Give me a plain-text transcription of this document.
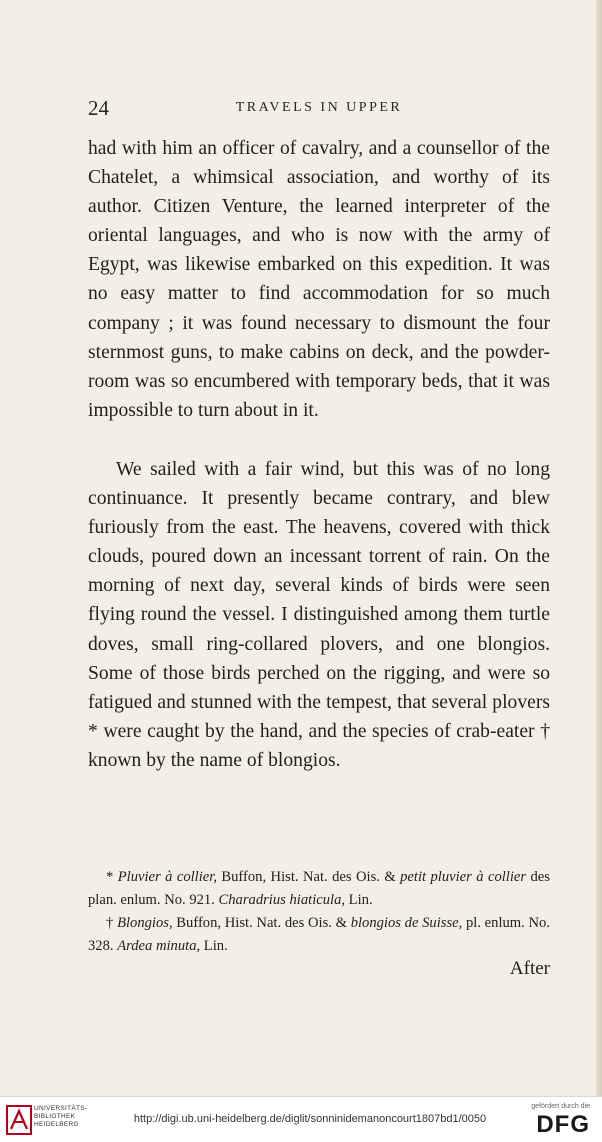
24	TRAVELS IN UPPER

had with him an officer of cavalry, and a counsellor of the Chatelet, a whimsical association, and worthy of its author. Citizen Venture, the learned interpreter of the oriental languages, and who is now with the army of Egypt, was likewise embarked on this expedition. It was no easy matter to find accommodation for so much company ; it was found necessary to dismount the four sternmost guns, to make cabins on deck, and the powder-room was so encumbered with temporary beds, that it was impossible to turn about in it.

We sailed with a fair wind, but this was of no long continuance. It presently became contrary, and blew furiously from the east. The heavens, covered with thick clouds, poured down an incessant torrent of rain. On the morning of next day, several kinds of birds were seen flying round the vessel. I distinguished among them turtle doves, small ring-collared plovers, and one blongios. Some of those birds perched on the rigging, and were so fatigued and stunned with the tempest, that several plovers * were caught by the hand, and the species of crab-eater † known by the name of blongios.

* Pluvier à collier, Buffon, Hist. Nat. des Ois. & petit pluvier à collier des plan. enlum. No. 921. Charadrius hiaticula, Lin.

† Blongios, Buffon, Hist. Nat. des Ois. & blongios de Suisse, pl. enlum. No. 328. Ardea minuta, Lin.

After
UNIVERSITÄTS-
BIBLIOTHEK
HEIDELBERG	http://digi.ub.uni-heidelberg.de/diglit/sonninidemanoncourt1807bd1/0050
gefördert durch die
DFG
